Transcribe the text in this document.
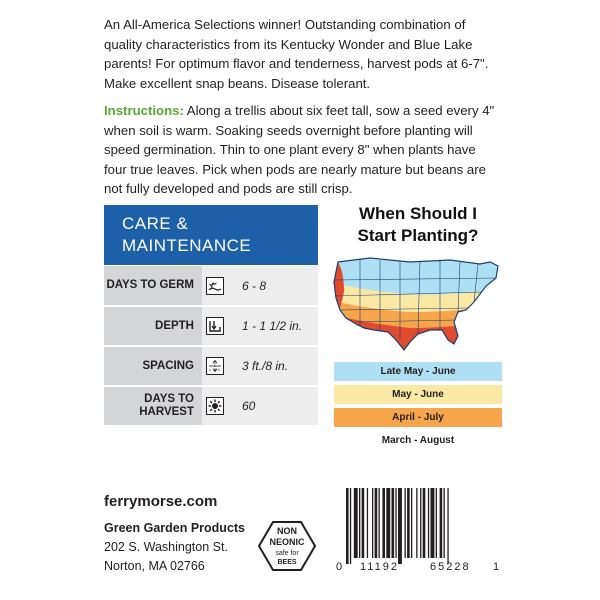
An All-America Selections winner! Outstanding combination of quality characteristics from its Kentucky Wonder and Blue Lake parents! For optimum flavor and tenderness, harvest pods at 6-7". Make excellent snap beans. Disease tolerant.
Instructions: Along a trellis about six feet tall, sow a seed every 4" when soil is warm. Soaking seeds overnight before planting will speed germination. Thin to one plant every 8" when plants have four true leaves. Pick when pods are nearly mature but beans are not fully developed and pods are still crisp.
CARE &
MAINTENANCE
DAYS TO GERM	6 - 8
DEPTH	1 - 1 1/2 in.
SPACING	x x 3 ft./8 in.
DAYS TO
HARVEST	60
When Should I
Start Planting?
Late May - June
May - June
April - July
March - August
ferrymorse.com
Green Garden Products
202 S. Washington St.
Norton, MA 02766
NON
NEONIC
safe for
BEES	0 11192	65228 1
